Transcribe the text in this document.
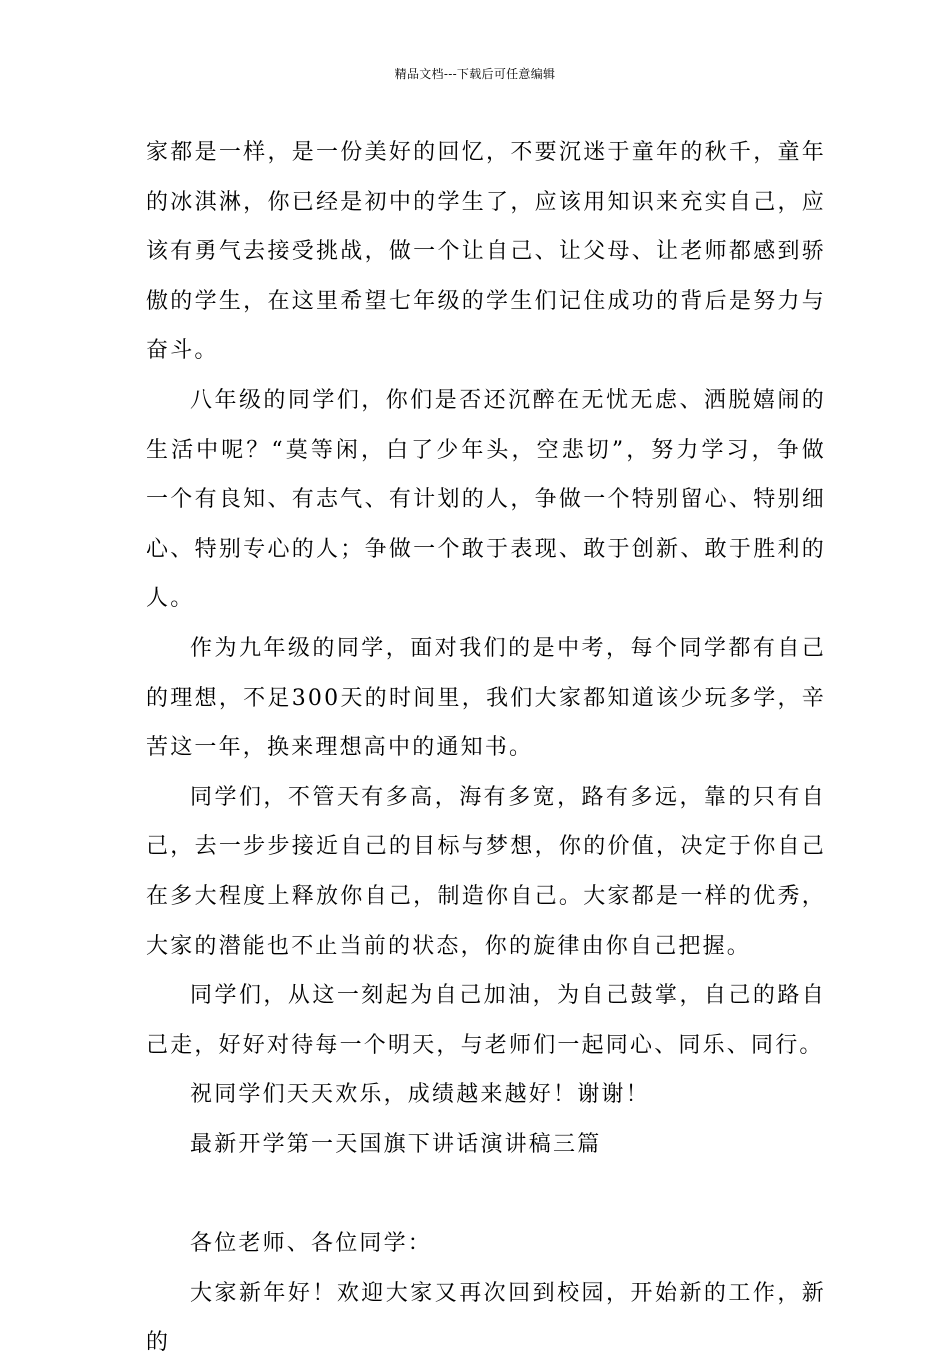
精品文档---下载后可任意编辑

家都是一样，是一份美好的回忆，不要沉迷于童年的秋千，童年的冰淇淋，你已经是初中的学生了，应该用知识来充实自己，应该有勇气去接受挑战，做一个让自己、让父母、让老师都感到骄傲的学生，在这里希望七年级的学生们记住成功的背后是努力与奋斗。

八年级的同学们，你们是否还沉醉在无忧无虑、洒脱嬉闹的生活中呢？“莫等闲，白了少年头，空悲切”，努力学习，争做一个有良知、有志气、有计划的人，争做一个特别留心、特别细心、特别专心的人；争做一个敢于表现、敢于创新、敢于胜利的人。

作为九年级的同学，面对我们的是中考，每个同学都有自己的理想，不足300天的时间里，我们大家都知道该少玩多学，辛苦这一年，换来理想高中的通知书。

同学们，不管天有多高，海有多宽，路有多远，靠的只有自己，去一步步接近自己的目标与梦想，你的价值，决定于你自己在多大程度上释放你自己，制造你自己。大家都是一样的优秀，大家的潜能也不止当前的状态，你的旋律由你自己把握。

同学们，从这一刻起为自己加油，为自己鼓掌，自己的路自己走，好好对待每一个明天，与老师们一起同心、同乐、同行。

祝同学们天天欢乐，成绩越来越好！谢谢！

最新开学第一天国旗下讲话演讲稿三篇

各位老师、各位同学：

大家新年好！欢迎大家又再次回到校园，开始新的工作，新的
